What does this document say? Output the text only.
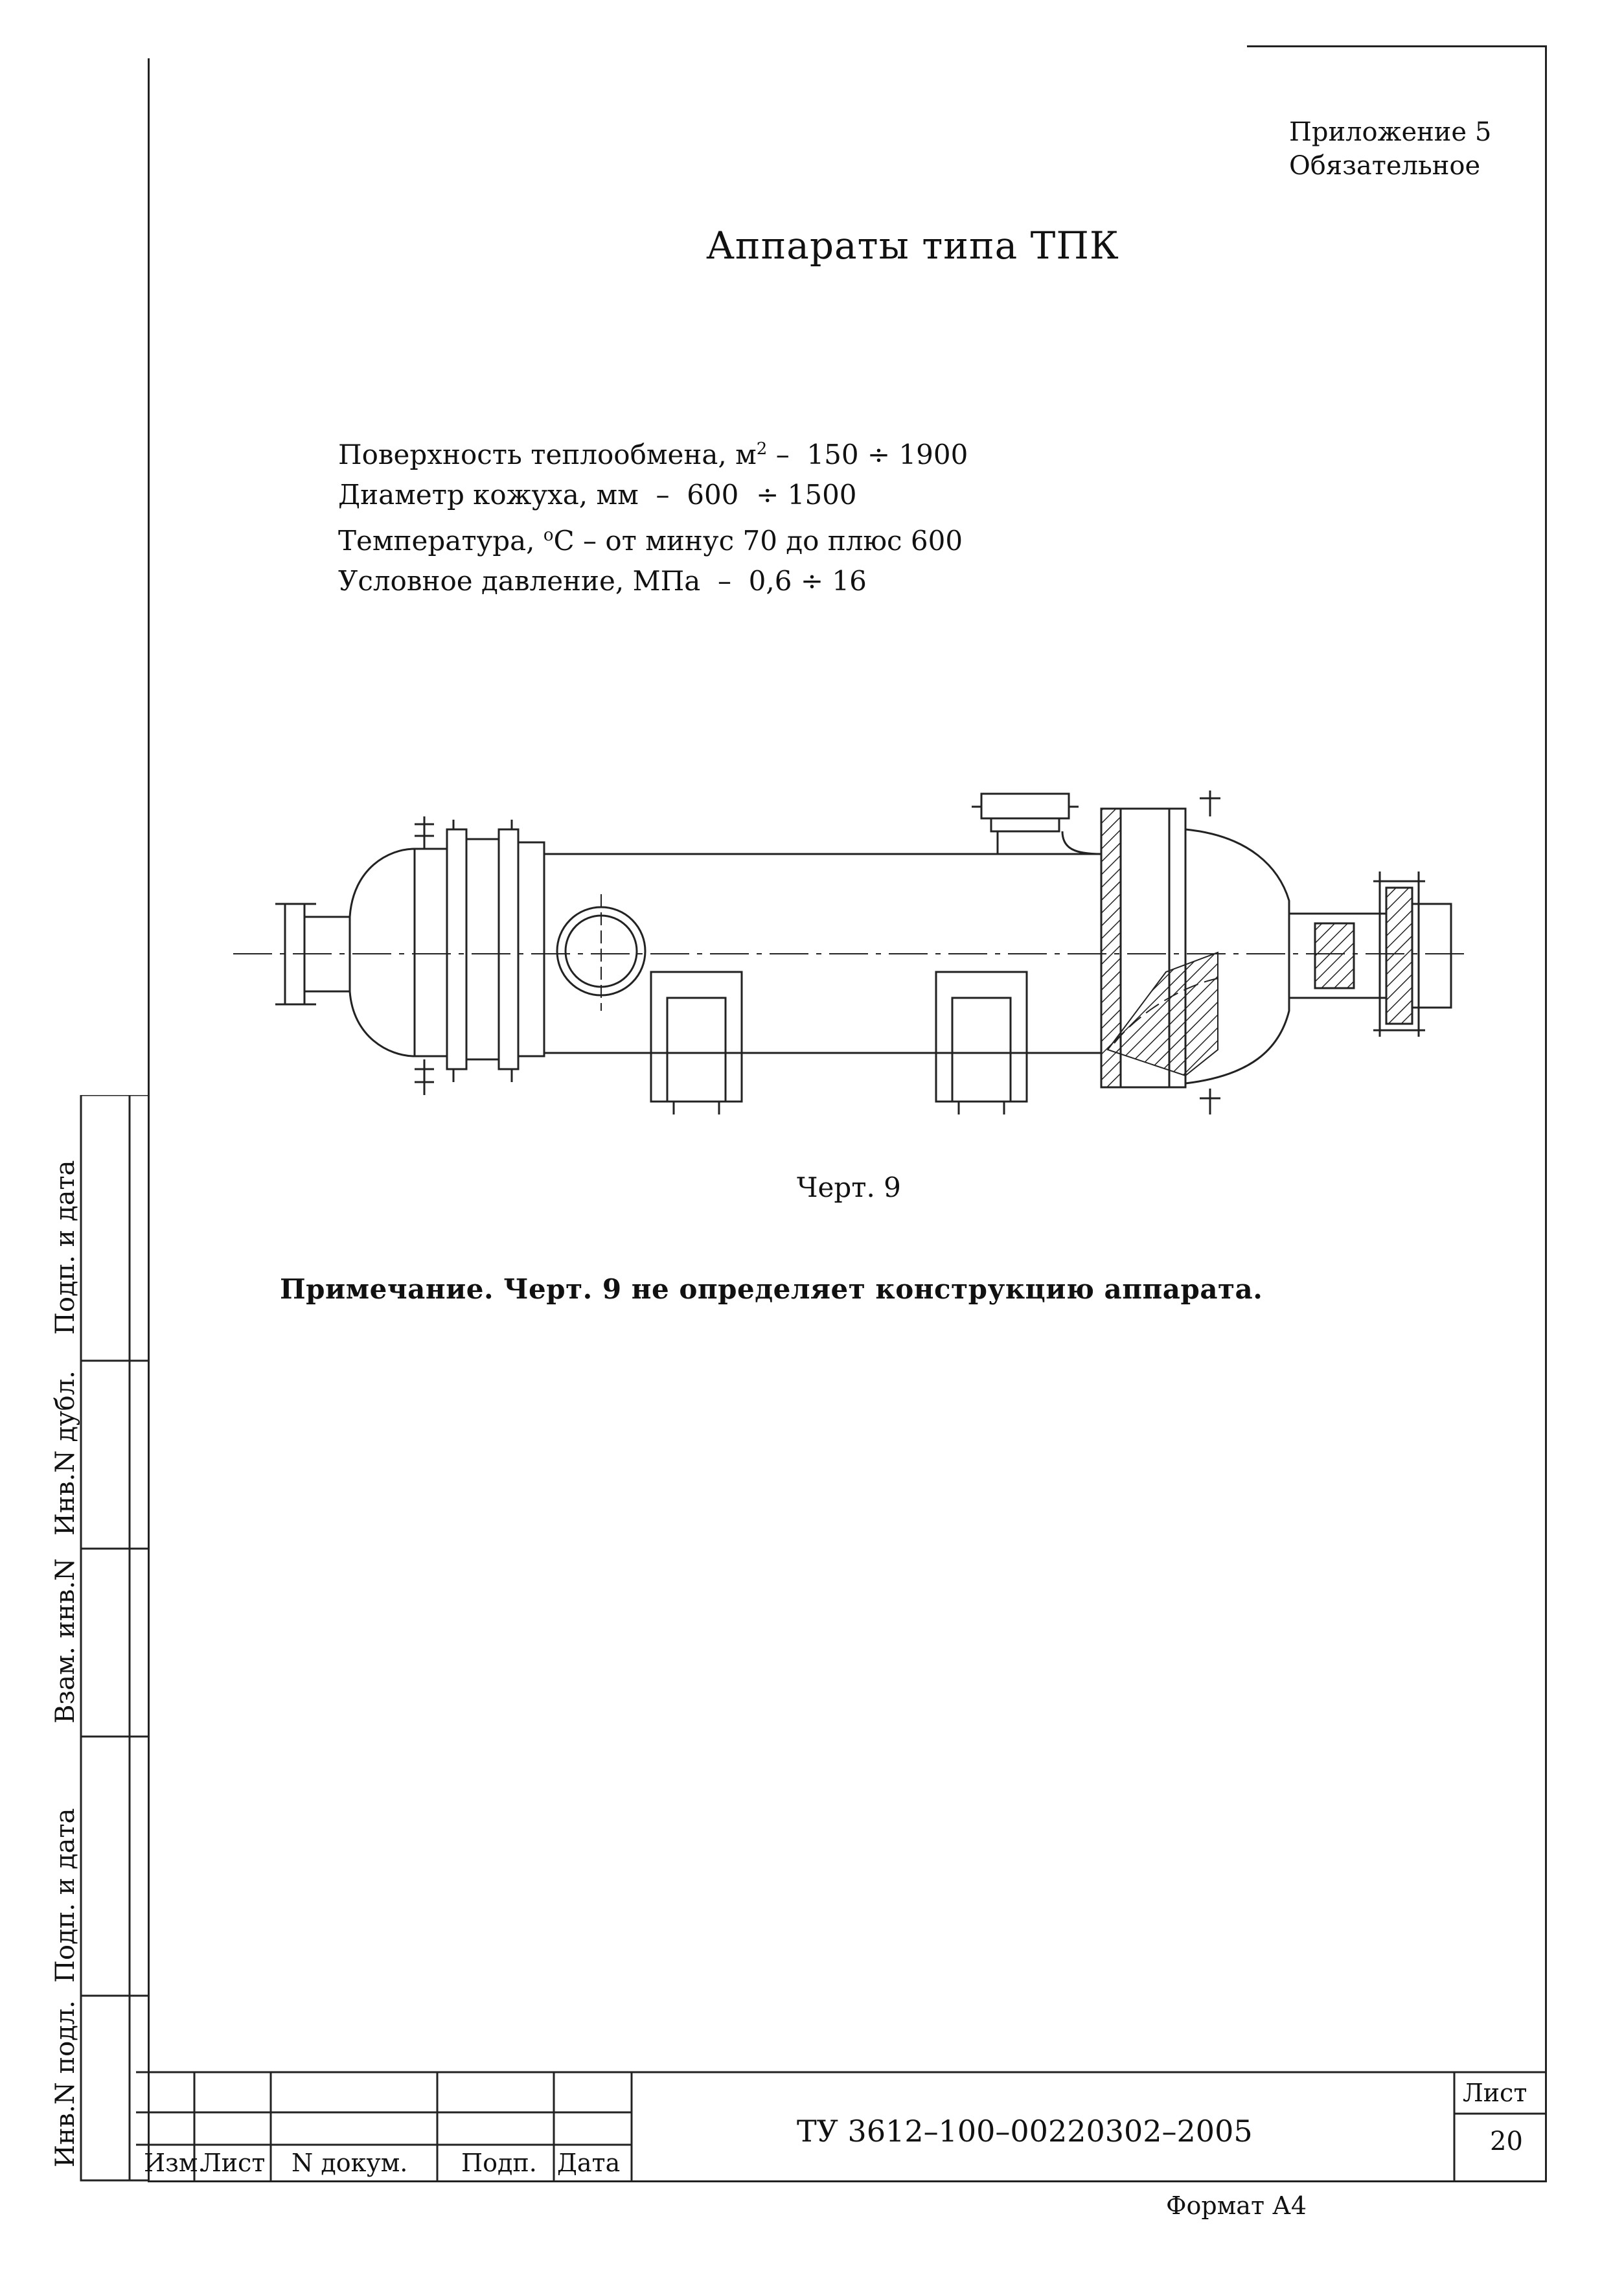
Приложение 5
Обязательное
Аппараты типа ТПК
Поверхность теплообмена, $м^2 - 150 \div 1900$
Диаметр кожуха, мм  –  600  ÷ 1500
Температура, $^о$С – от минус 70 до плюс 600
Условное давление, МПа  –  0,6 ÷ 16
Черт. 9
Примечание. Черт. 9 не определяет конструкцию аппарата.
Подп. и дата
Инв.N дубл.
Взам. инв.N
Подп. и дата
Инв.N подл.	Изм.
Лист N докум. Подп. Дата
ТУ 3612–100–00220302–2005
Лист
20
Формат А4
